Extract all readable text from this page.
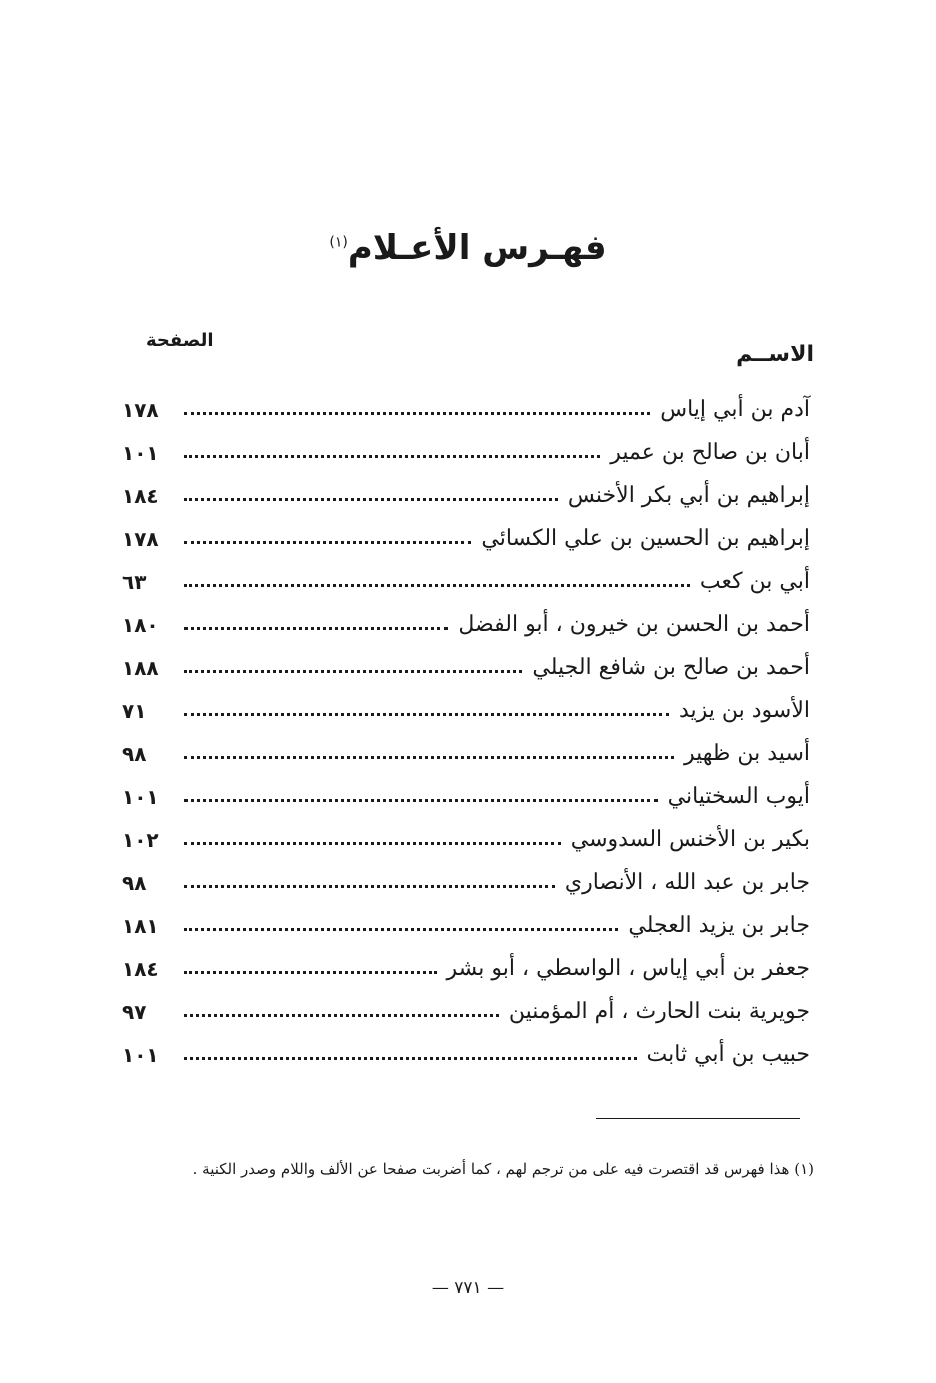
فهـرس الأعـلام$^{(١)}$
الاســم
الصفحة
آدم بن أبي إياس
١٧٨
أبان بن صالح بن عمير
١٠١
إبراهيم بن أبي بكر الأخنس
١٨٤
إبراهيم بن الحسين بن علي الكسائي
١٧٨
أبي بن كعب
٦٣
أحمد بن الحسن بن خيرون ، أبو الفضل
١٨٠
أحمد بن صالح بن شافع الجيلي
١٨٨
الأسود بن يزيد
٧١
أسيد بن ظهير
٩٨
أيوب السختياني
١٠١
بكير بن الأخنس السدوسي
١٠٢
جابر بن عبد الله ، الأنصاري
٩٨
جابر بن يزيد العجلي
١٨١
جعفر بن أبي إياس ، الواسطي ، أبو بشر
١٨٤
جويرية بنت الحارث ، أم المؤمنين
٩٧
حبيب بن أبي ثابت
١٠١
(١) هذا فهرس قد اقتصرت فيه على من ترجم لهم ، كما أضربت صفحا عن الألف واللام وصدر الكنية .
— ٧٧١ —
